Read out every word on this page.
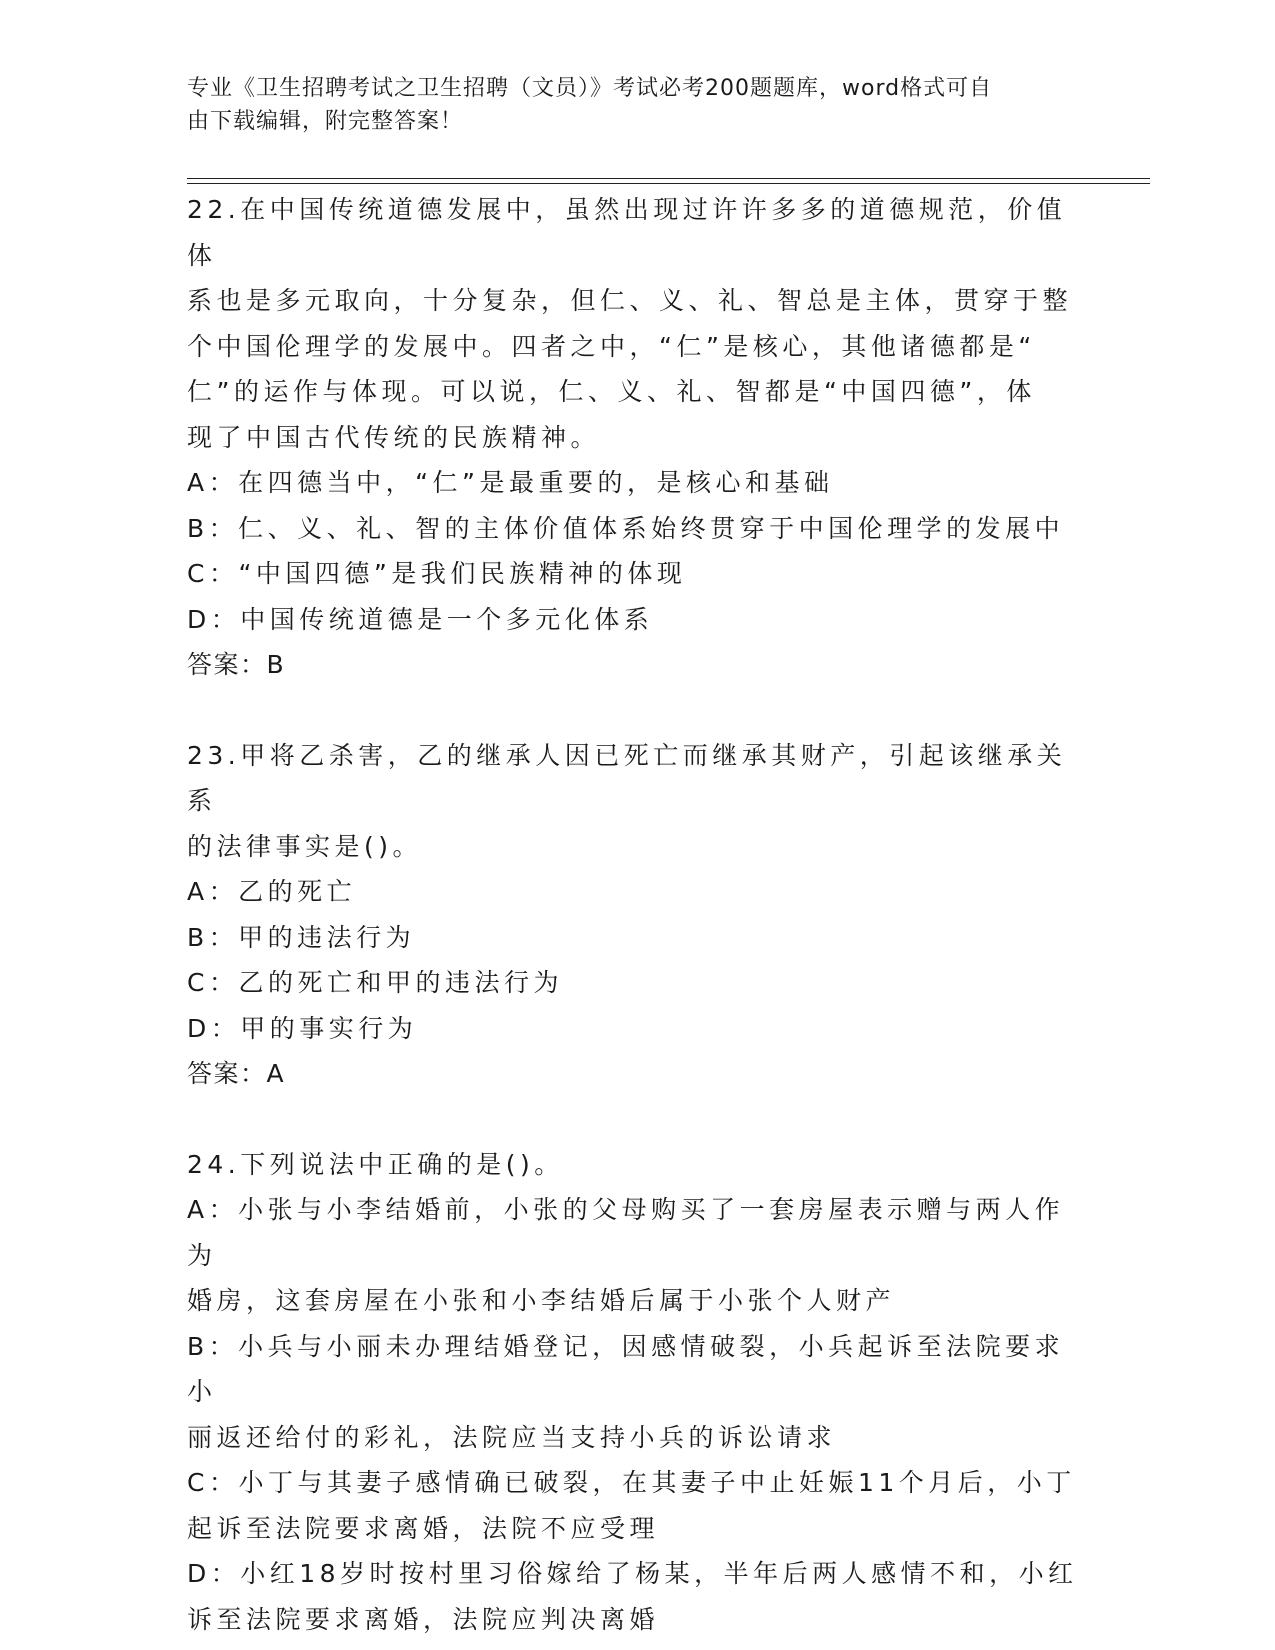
专业《卫生招聘考试之卫生招聘（文员）》考试必考200题题库，word格式可自
由下载编辑，附完整答案！

22.在中国传统道德发展中，虽然出现过许许多多的道德规范，价值体

系也是多元取向，十分复杂，但仁、义、礼、智总是主体，贯穿于整

个中国伦理学的发展中。四者之中，“仁”是核心，其他诸德都是“

仁”的运作与体现。可以说，仁、义、礼、智都是“中国四德”，体

现了中国古代传统的民族精神。

A：在四德当中，“仁”是最重要的，是核心和基础

B：仁、义、礼、智的主体价值体系始终贯穿于中国伦理学的发展中

C：“中国四德”是我们民族精神的体现

D：中国传统道德是一个多元化体系

答案：B

23.甲将乙杀害，乙的继承人因已死亡而继承其财产，引起该继承关系

的法律事实是()。

A：乙的死亡

B：甲的违法行为

C：乙的死亡和甲的违法行为

D：甲的事实行为

答案：A

24.下列说法中正确的是()。

A：小张与小李结婚前，小张的父母购买了一套房屋表示赠与两人作为

婚房，这套房屋在小张和小李结婚后属于小张个人财产

B：小兵与小丽未办理结婚登记，因感情破裂，小兵起诉至法院要求小

丽返还给付的彩礼，法院应当支持小兵的诉讼请求

C：小丁与其妻子感情确已破裂，在其妻子中止妊娠11个月后，小丁

起诉至法院要求离婚，法院不应受理

D：小红18岁时按村里习俗嫁给了杨某，半年后两人感情不和，小红

诉至法院要求离婚，法院应判决离婚
